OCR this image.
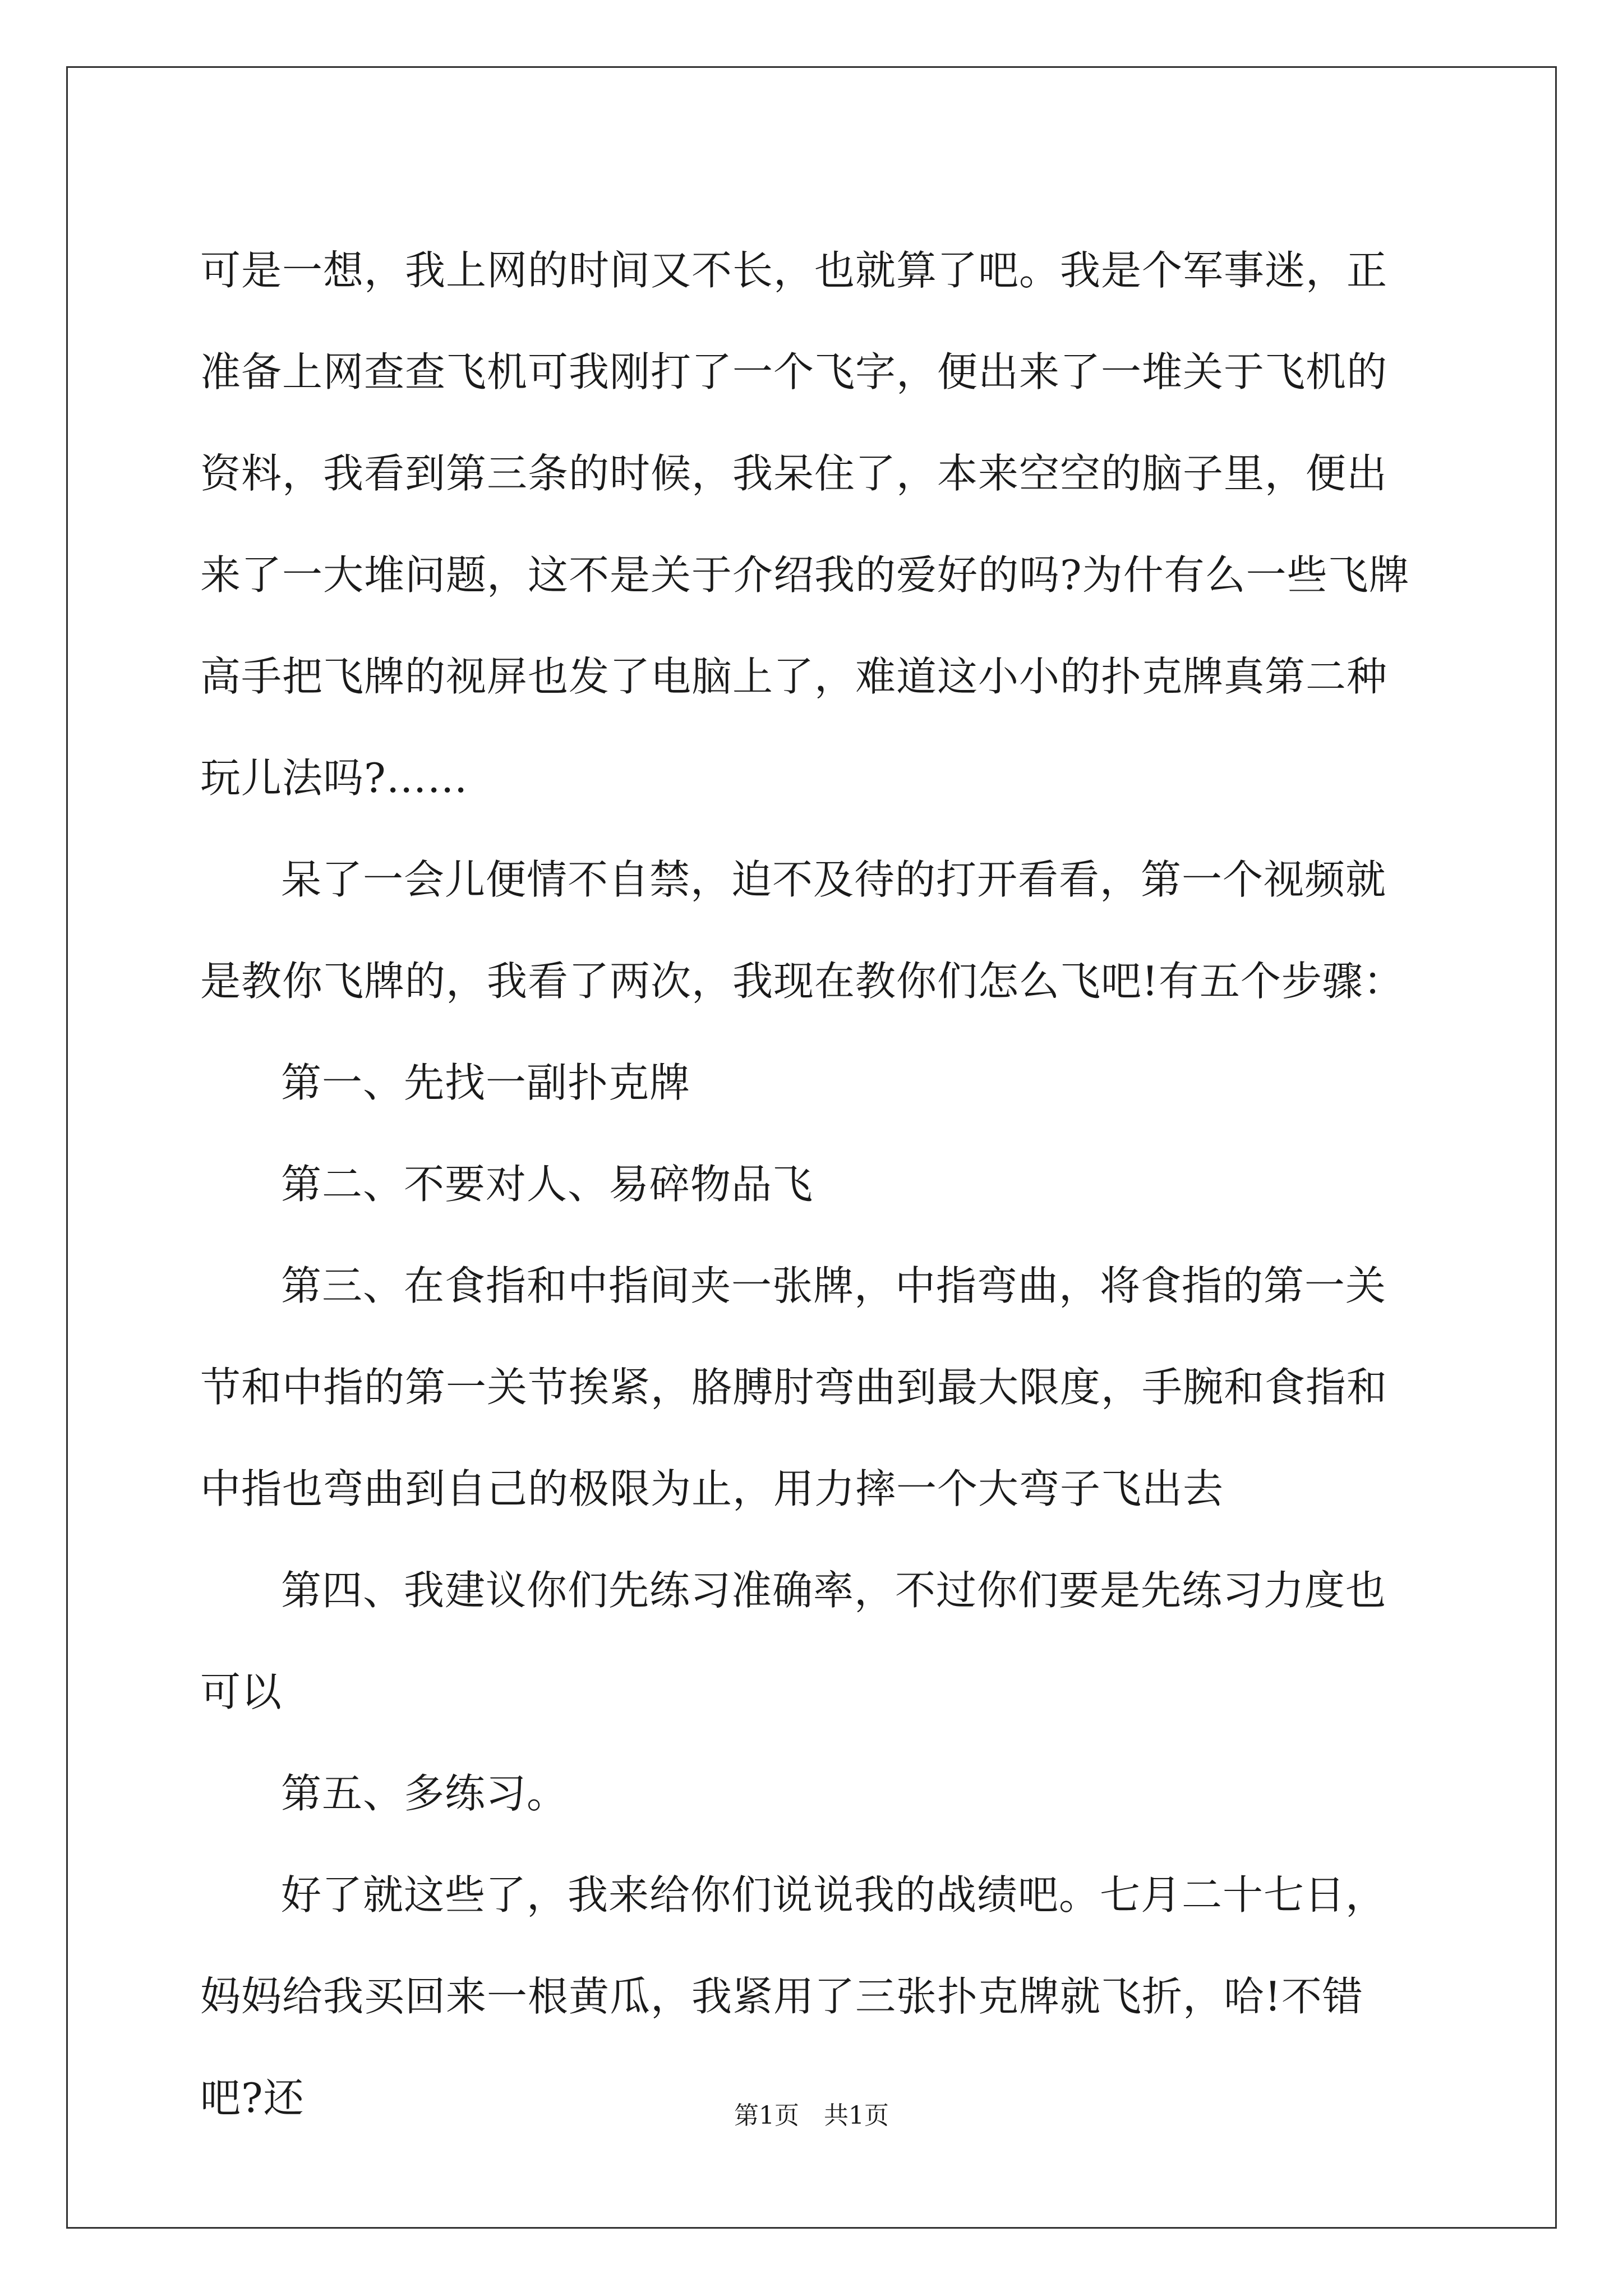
可是一想，我上网的时间又不长，也就算了吧。我是个军事迷，正准备上网查查飞机可我刚打了一个飞字，便出来了一堆关于飞机的资料，我看到第三条的时候，我呆住了，本来空空的脑子里，便出来了一大堆问题，这不是关于介绍我的爱好的吗?为什有么一些飞牌高手把飞牌的视屏也发了电脑上了，难道这小小的扑克牌真第二种玩儿法吗?……

呆了一会儿便情不自禁，迫不及待的打开看看，第一个视频就是教你飞牌的，我看了两次，我现在教你们怎么飞吧!有五个步骤：

第一、先找一副扑克牌

第二、不要对人、易碎物品飞

第三、在食指和中指间夹一张牌，中指弯曲，将食指的第一关节和中指的第一关节挨紧，胳膊肘弯曲到最大限度，手腕和食指和中指也弯曲到自己的极限为止，用力摔一个大弯子飞出去

第四、我建议你们先练习准确率，不过你们要是先练习力度也可以

第五、多练习。

好了就这些了，我来给你们说说我的战绩吧。七月二十七日，妈妈给我买回来一根黄瓜，我紧用了三张扑克牌就飞折，哈!不错吧?还	第1页　共1页
